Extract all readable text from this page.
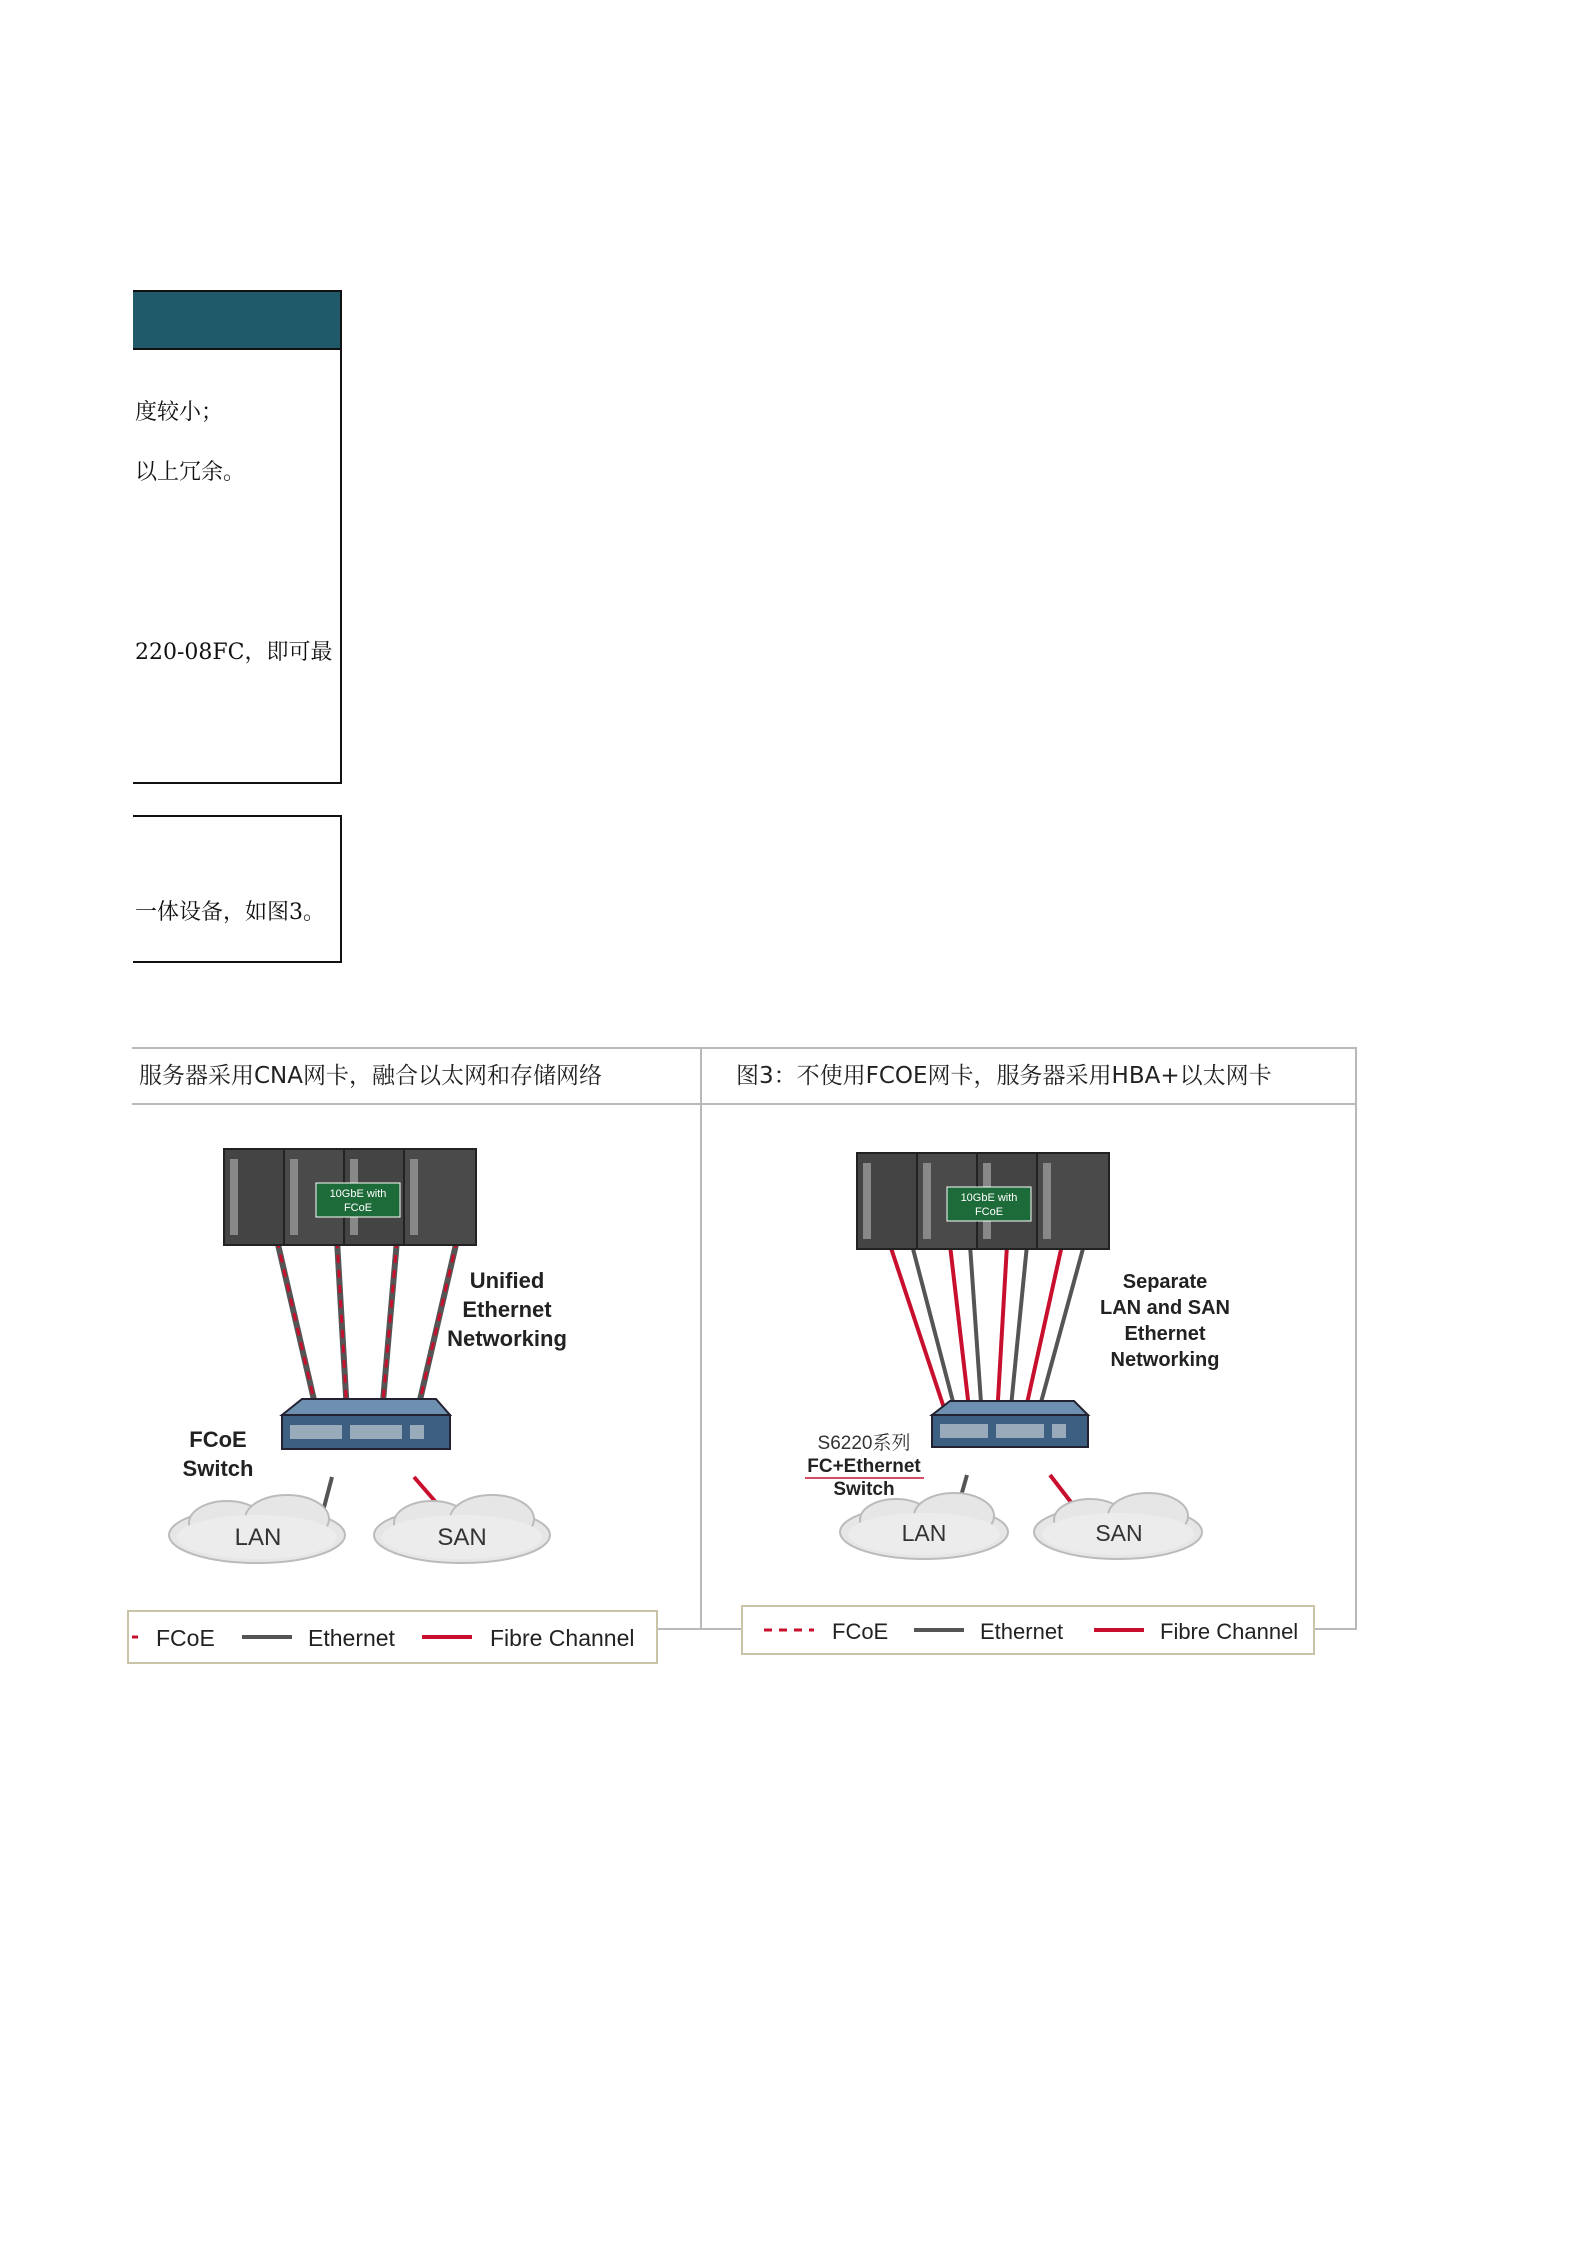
度较小；
以上冗余。
220-08FC，即可最
一体设备，如图3。
服务器采用CNA网卡，融合以太网和存储网络
10GbE with
FCoE
Unified
Ethernet
Networking
FCoE
Switch
LAN	SAN
FCoE	Ethernet	Fibre Channel
图3：不使用FCOE网卡，服务器采用HBA+以太网卡
10GbE with
FCoE
Separate
LAN and SAN
Ethernet
Networking
S6220系列
FC+Ethernet
Switch
LAN	SAN
FCoE	Ethernet	Fibre Channel
